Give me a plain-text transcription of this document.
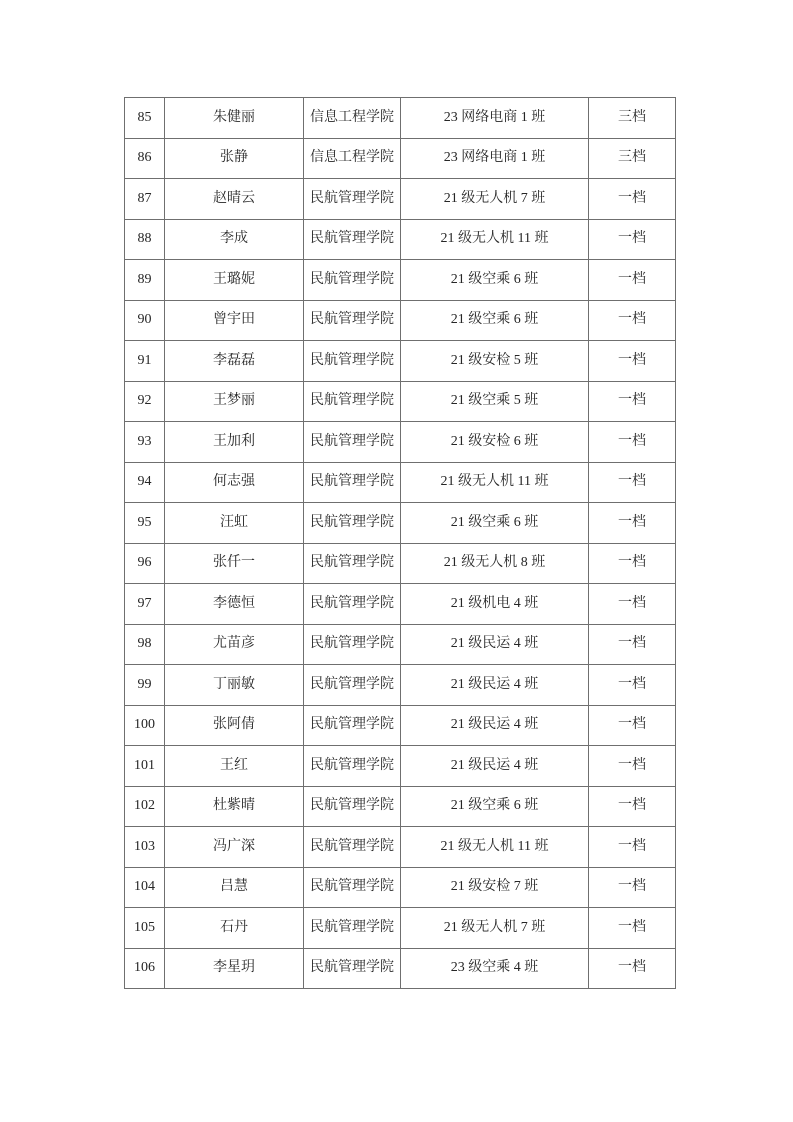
85	朱健丽	信息工程学院	23 网络电商 1 班	三档
86	张静	信息工程学院	23 网络电商 1 班	三档
87	赵晴云	民航管理学院	21 级无人机 7 班	一档
88	李成	民航管理学院	21 级无人机 11 班	一档
89	王璐妮	民航管理学院	21 级空乘 6 班	一档
90	曾宇田	民航管理学院	21 级空乘 6 班	一档
91	李磊磊	民航管理学院	21 级安检 5 班	一档
92	王梦丽	民航管理学院	21 级空乘 5 班	一档
93	王加利	民航管理学院	21 级安检 6 班	一档
94	何志强	民航管理学院	21 级无人机 11 班	一档
95	汪虹	民航管理学院	21 级空乘 6 班	一档
96	张仟一	民航管理学院	21 级无人机 8 班	一档
97	李德恒	民航管理学院	21 级机电 4 班	一档
98	尤苗彦	民航管理学院	21 级民运 4 班	一档
99	丁丽敏	民航管理学院	21 级民运 4 班	一档
100	张阿倩	民航管理学院	21 级民运 4 班	一档
101	王红	民航管理学院	21 级民运 4 班	一档
102	杜紫晴	民航管理学院	21 级空乘 6 班	一档
103	冯广深	民航管理学院	21 级无人机 11 班	一档
104	吕慧	民航管理学院	21 级安检 7 班	一档
105	石丹	民航管理学院	21 级无人机 7 班	一档
106	李星玥	民航管理学院	23 级空乘 4 班	一档
